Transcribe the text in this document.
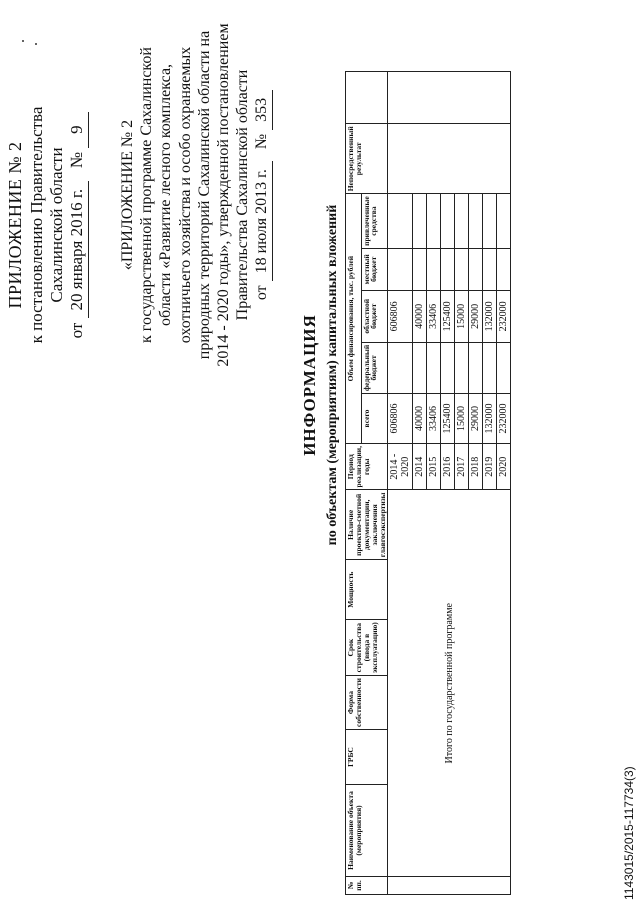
ПРИЛОЖЕНИЕ № 2 к постановлению Правительства Сахалинской области
от 20 января 2016 г.   № 9 «ПРИЛОЖЕНИЕ № 2 к государственной программе Сахалинской области «Развитие лесного комплекса, охотничьего хозяйства и особо охраняемых природных территорий Сахалинской области на 2014 - 2020 годы», утвержденной постановлением Правительства Сахалинской области от 18 июля 2013 г.   № 353
ИНФОРМАЦИЯ по объектам (мероприятиям) капитальных вложений
№ пп.	Наименование объекта (мероприятия)	ГРБС	Форма собственности	Срок строительства (ввода в эксплуатацию)	Мощность	Наличие проектно-сметной документации, заключения главгосэкспертизы	Период реализации, годы	Объем финансирования, тыс. рублей					Непосредственный результат	
								всего	федеральный бюджет	областной бюджет	местный бюджет	привлеченные средства		
	Итого по государственной программе						2014 - 2020	606806		606806				
							2014	40000		40000				
							2015	33406		33406				
							2016	125400		125400				
							2017	15000		15000				
							2018	29000		29000				
							2019	132000		132000				
							2020	232000		232000				
1143015/2015-117734(3)
